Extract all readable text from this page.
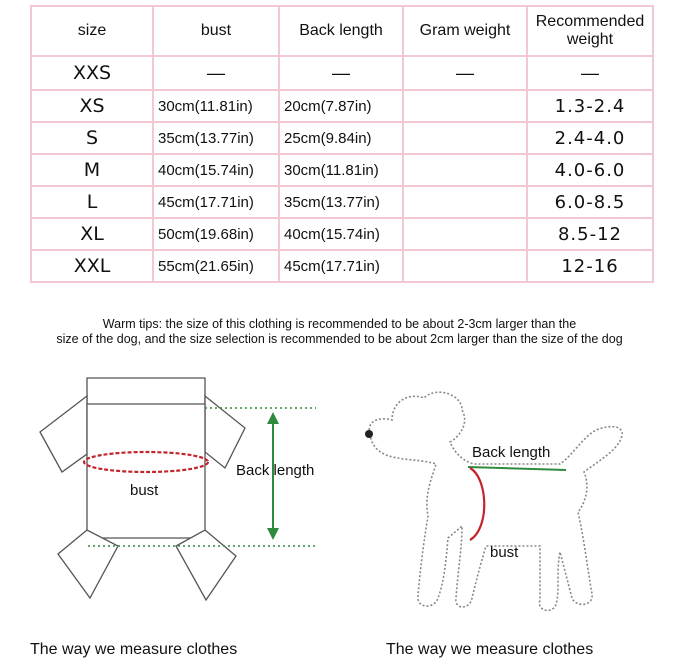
size	bust	Back length	Gram weight	Recommended weight
XXS	—	—	—	—
XS	30cm(11.81in)	20cm(7.87in)		1.3-2.4
S	35cm(13.77in)	25cm(9.84in)		2.4-4.0
M	40cm(15.74in)	30cm(11.81in)		4.0-6.0
L	45cm(17.71in)	35cm(13.77in)		6.0-8.5
XL	50cm(19.68in)	40cm(15.74in)		8.5-12
XXL	55cm(21.65in)	45cm(17.71in)		12-16
Warm tips: the size of this clothing is recommended to be about 2-3cm larger than the
size of the dog, and the size selection is recommended to be about 2cm larger than the size of the dog
bust
Back length
Back length
bust
The way we measure clothes	The way we measure clothes
